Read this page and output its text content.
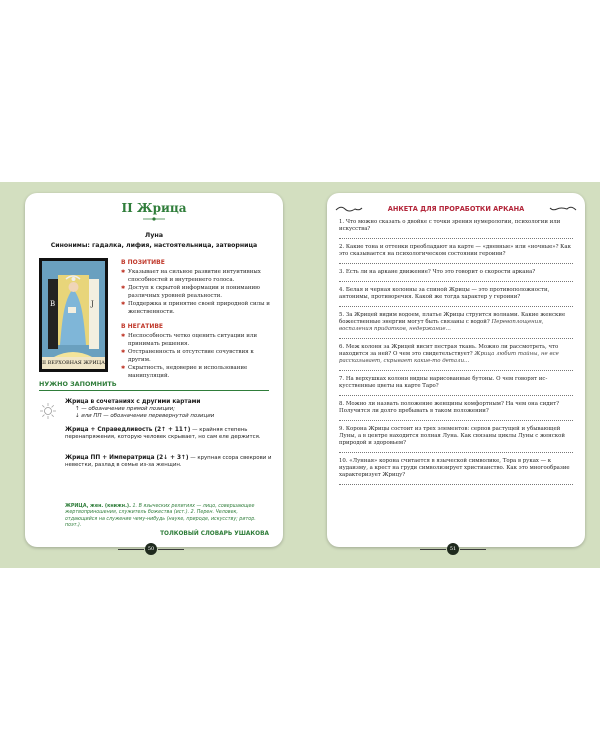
II Жрица
Луна
Синонимы: гадалка, лифия, настоятельница, затворница
B	J
II ВЕРХОВНАЯ ЖРИЦА
В ПОЗИТИВЕ
✱ Указывает на сильное развитие интуитивных способностей и внутреннего голоса.
✱ Доступ к скрытой информации и пониманию различных уровней реальности.
✱ Поддержка и принятие своей природной силы и женственности.
В НЕГАТИВЕ
✱ Неспособность четко оценить ситуации или принимать решения.
✱ Отстраненность и отсутствие сочувствия к другим.
✱ Скрытность, недоверие и использование манипуляций.
НУЖНО ЗАПОМНИТЬ
Жрица в сочетаниях с другими картами
↑ — обозначение прямой позиции;
↓ или ПП — обозначение перевернутой позиции
Жрица + Справедливость (2↑ + 11↑) — крайняя степень перенапряжения, которую человек скрывает, но сам еле держится.
Жрица ПП + Императрица (2↓ + 3↑) — крупная ссора свекрови и невестки, разлад в семье из-за женщин.
ЖРИЦА, жен. (книжн.). 1. В языческих религиях — лицо, совершающее жертвоприношения, служитель божества (ист.). 2. Перен. Человек, отдающийся на служение чему-нибудь (науке, природе, искусству; ритор. поэт.).
ТОЛКОВЫЙ СЛОВАРЬ УШАКОВА
50
АНКЕТА ДЛЯ ПРОРАБОТКИ АРКАНА
1. Что можно сказать о двойке с точки зрения нумерологии, психологии или искусства?
2. Какие тона и оттенки преобладают на карте — «дневные» или «ночные»? Как это сказывается на психологическом состоянии героини?
3. Есть ли на аркане движение? Что это говорит о скорости аркана?
4. Белая и черная колонны за спиной Жрицы — это противоположности, антонимы, противоречия. Какой же тогда характер у героини?
5. За Жрицей видим водоем, платье Жрицы струится волнами. Какие женские божественные энергии могут быть связаны с водой? Перевоплощения, воспаления придатков, недержание…
6. Меж колонн за Жрицей висит пестрая ткань. Можно ли рассмотреть, что находится за ней? О чем это свидетельствует? Жрица любит тайны, не все рассказывает, скрывает какие-то детали…
7. На верхушках колонн видны нарисованные бутоны. О чем говорят искусственные цветы на карте Таро?
8. Можно ли назвать положение женщины комфортным? На чем она сидит? Получится ли долго пребывать в таком положении?
9. Корона Жрицы состоит из трех элементов: серпов растущей и убывающей Луны, а в центре находится полная Луна. Как связаны циклы Луны с женской природой и здоровьем?
10. «Лунная» корона считается в языческой символике, Тора в руках — к иудаизму, а крест на груди символизирует христианство. Как это многообразие характеризует Жрицу?
51
